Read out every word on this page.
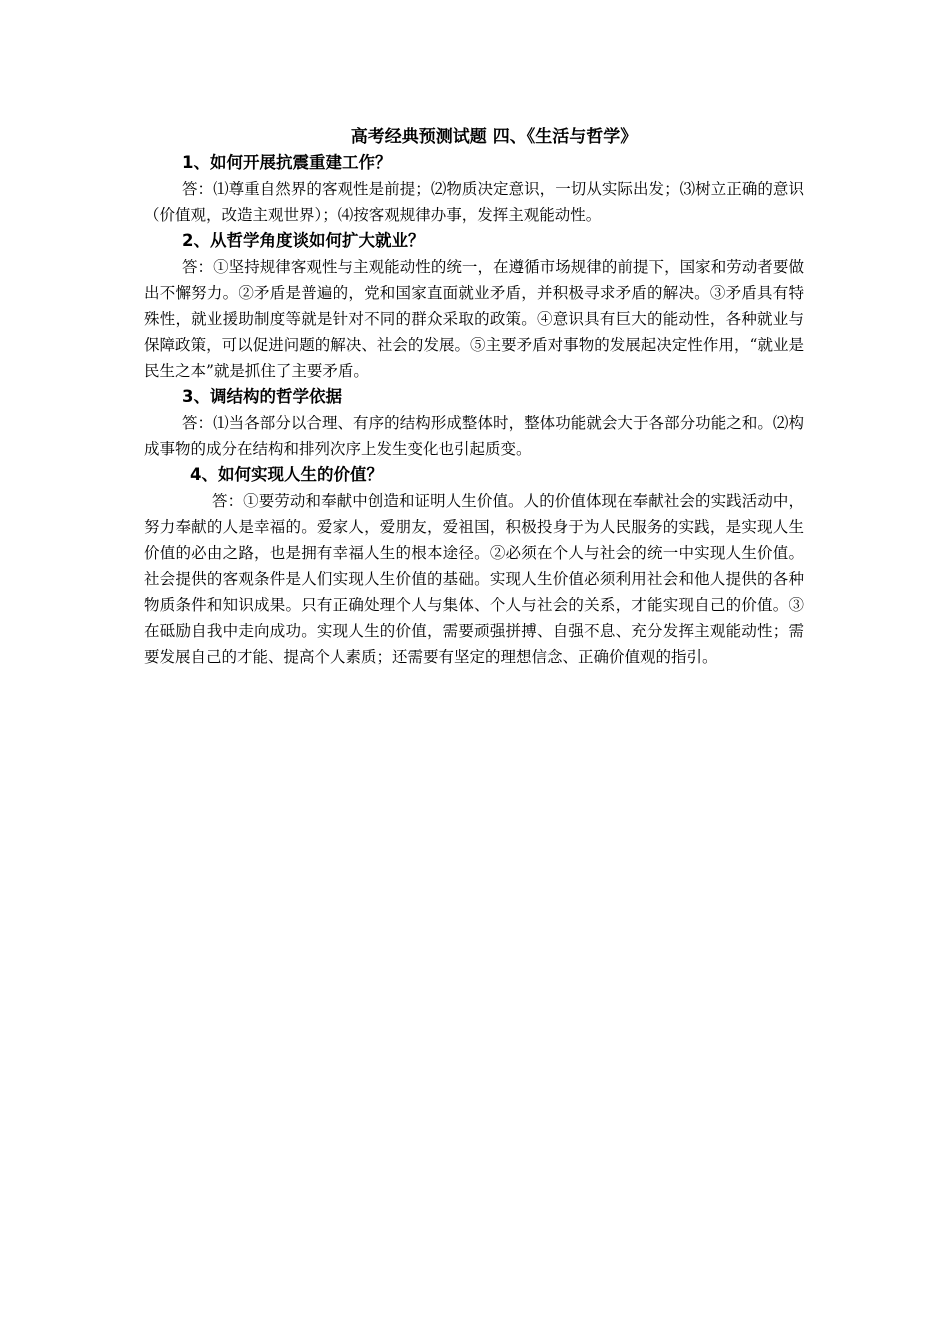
高考经典预测试题 四、《生活与哲学》

1、如何开展抗震重建工作？

答：⑴尊重自然界的客观性是前提；⑵物质决定意识，一切从实际出发；⑶树立正确的意识（价值观，改造主观世界）；⑷按客观规律办事，发挥主观能动性。

2、从哲学角度谈如何扩大就业？

答：①坚持规律客观性与主观能动性的统一，在遵循市场规律的前提下，国家和劳动者要做出不懈努力。②矛盾是普遍的，党和国家直面就业矛盾，并积极寻求矛盾的解决。③矛盾具有特殊性，就业援助制度等就是针对不同的群众采取的政策。④意识具有巨大的能动性，各种就业与保障政策，可以促进问题的解决、社会的发展。⑤主要矛盾对事物的发展起决定性作用，“就业是民生之本”就是抓住了主要矛盾。

3、调结构的哲学依据

答：⑴当各部分以合理、有序的结构形成整体时，整体功能就会大于各部分功能之和。⑵构成事物的成分在结构和排列次序上发生变化也引起质变。

4、如何实现人生的价值？

答：①要劳动和奉献中创造和证明人生价值。人的价值体现在奉献社会的实践活动中，努力奉献的人是幸福的。爱家人，爱朋友，爱祖国，积极投身于为人民服务的实践，是实现人生价值的必由之路，也是拥有幸福人生的根本途径。②必须在个人与社会的统一中实现人生价值。社会提供的客观条件是人们实现人生价值的基础。实现人生价值必须利用社会和他人提供的各种物质条件和知识成果。只有正确处理个人与集体、个人与社会的关系，才能实现自己的价值。③在砥励自我中走向成功。实现人生的价值，需要顽强拼搏、自强不息、充分发挥主观能动性；需要发展自己的才能、提高个人素质；还需要有坚定的理想信念、正确价值观的指引。
